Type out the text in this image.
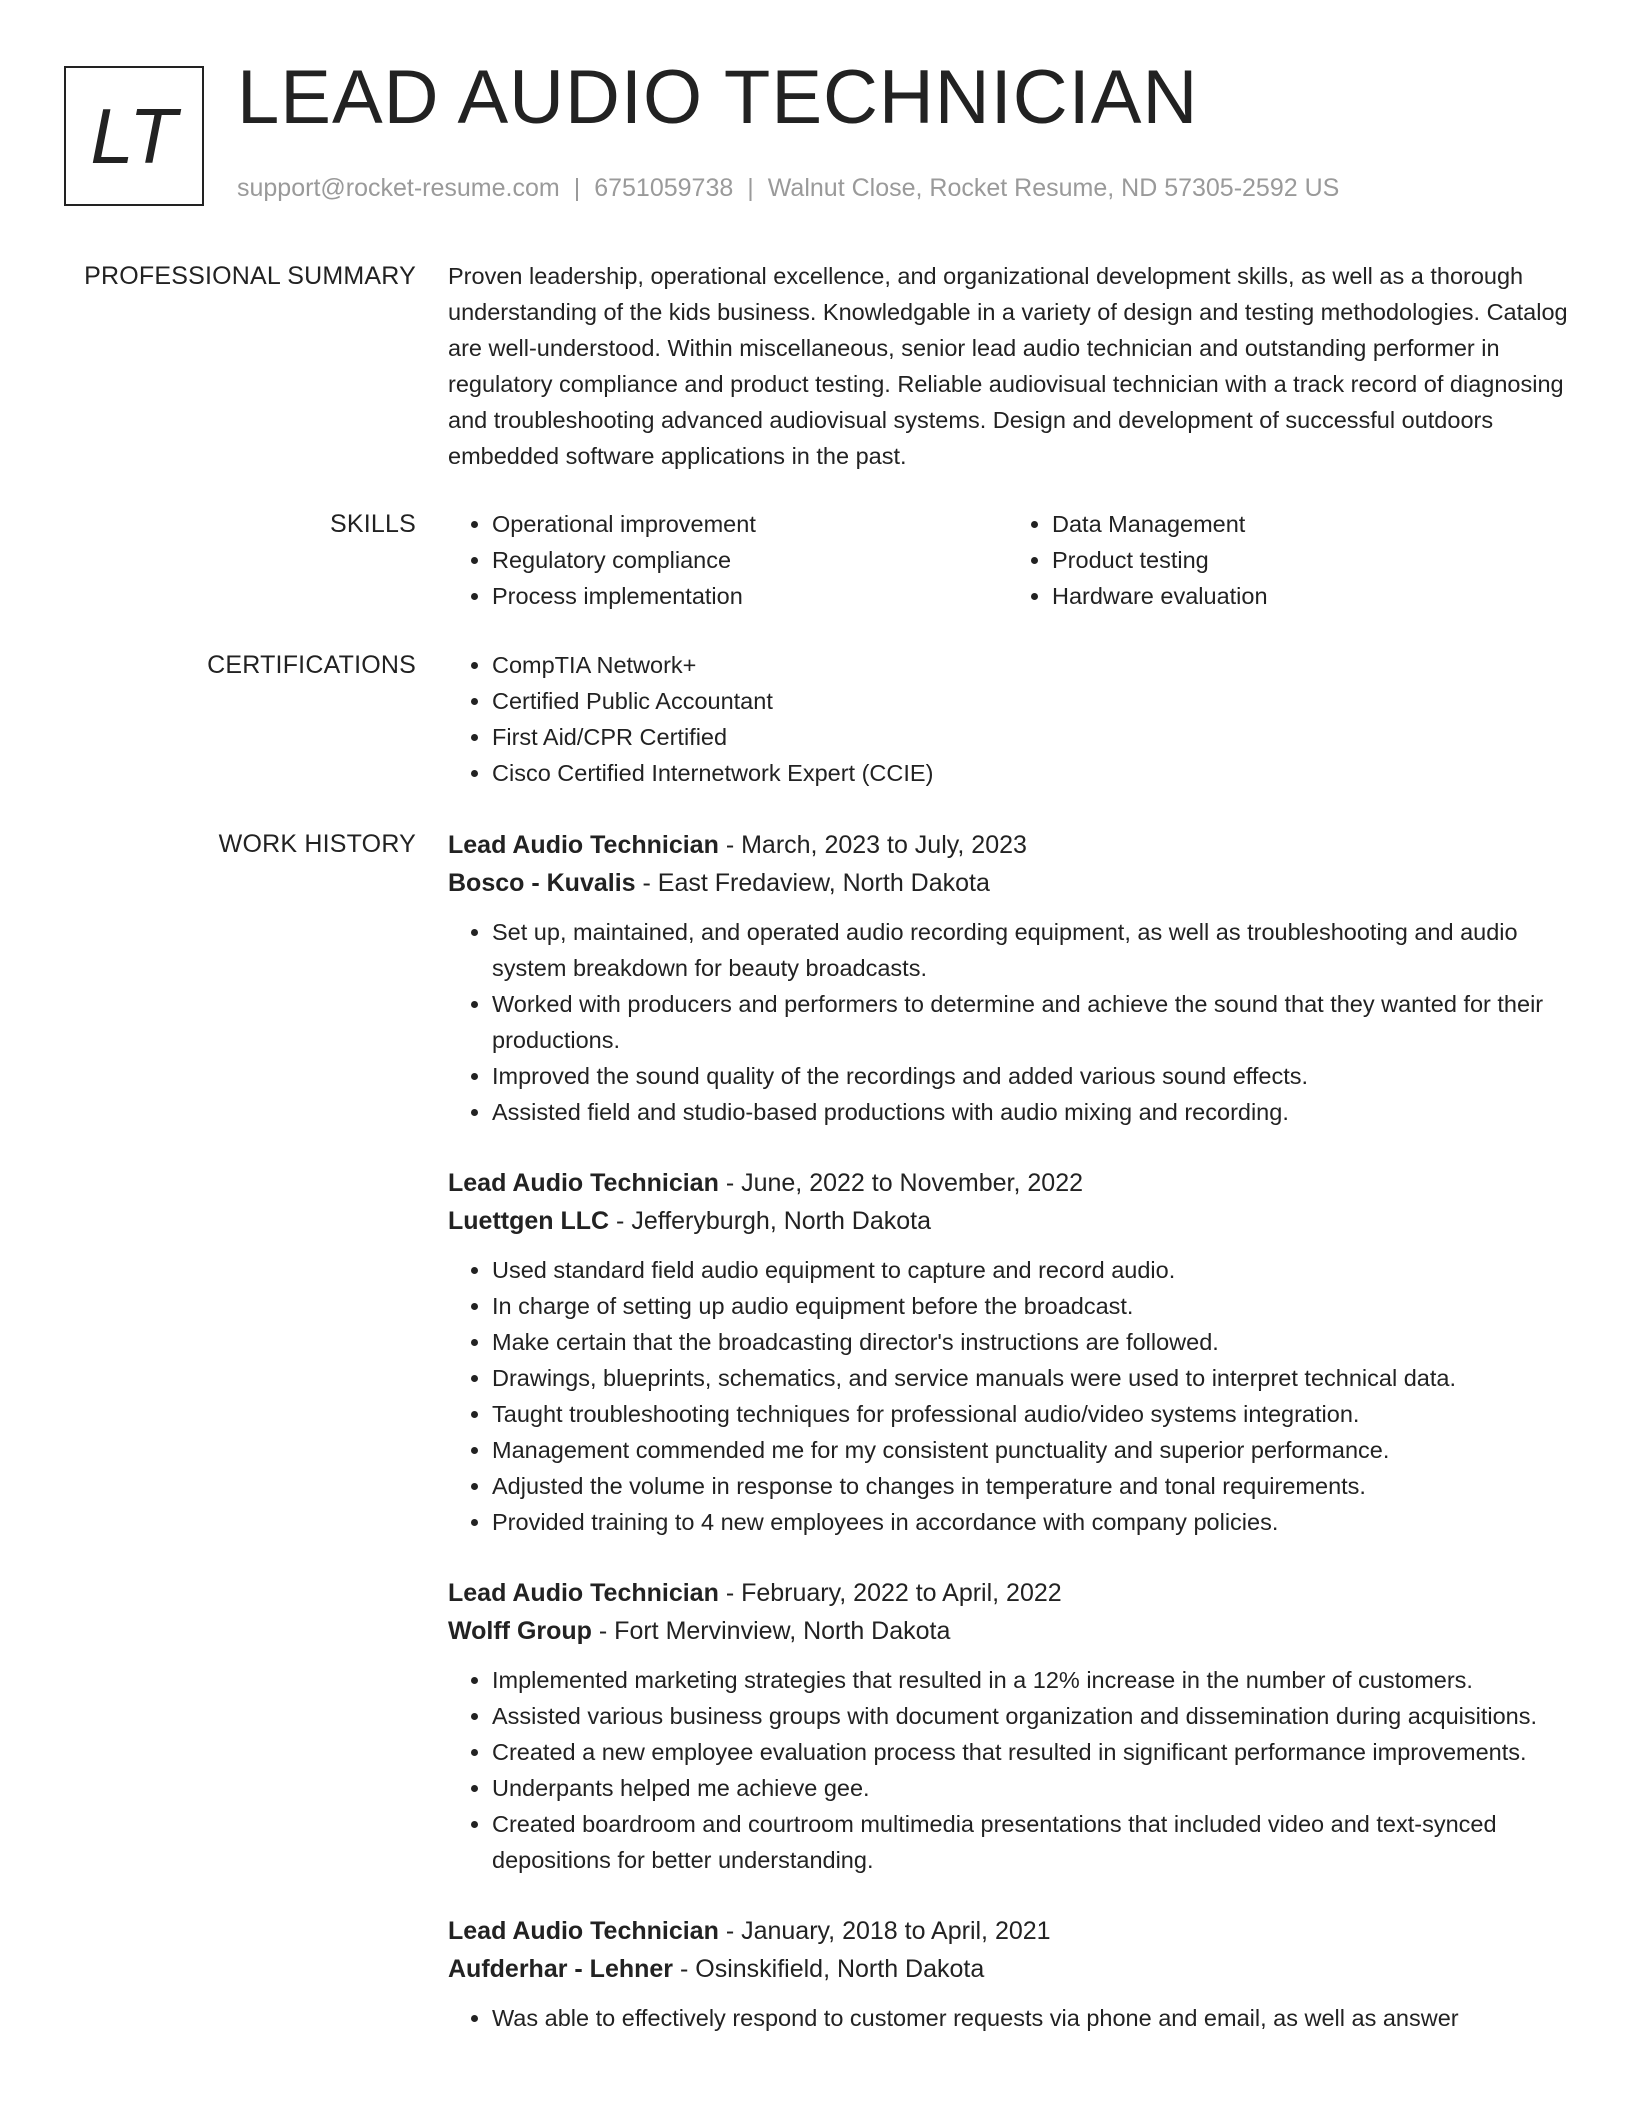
LT LEAD AUDIO TECHNICIAN
support@rocket-resume.com | 6751059738 | Walnut Close, Rocket Resume, ND 57305-2592 US
PROFESSIONAL SUMMARY Proven leadership, operational excellence, and organizational development skills, as well as a thorough understanding of the kids business. Knowledgable in a variety of design and testing methodologies. Catalog are well-understood. Within miscellaneous, senior lead audio technician and outstanding performer in regulatory compliance and product testing. Reliable audiovisual technician with a track record of diagnosing and troubleshooting advanced audiovisual systems. Design and development of successful outdoors embedded software applications in the past.

SKILLS	• Operational improvement
• Regulatory compliance
• Process implementation
• Data Management
• Product testing
• Hardware evaluation
CERTIFICATIONS	• CompTIA Network+
• Certified Public Accountant
• First Aid/CPR Certified
• Cisco Certified Internetwork Expert (CCIE)
WORK HISTORY Lead Audio Technician - March, 2023 to July, 2023
Bosco - Kuvalis - East Fredaview, North Dakota
• Set up, maintained, and operated audio recording equipment, as well as troubleshooting and audio system breakdown for beauty broadcasts.
• Worked with producers and performers to determine and achieve the sound that they wanted for their productions.
• Improved the sound quality of the recordings and added various sound effects.
• Assisted field and studio-based productions with audio mixing and recording.
Lead Audio Technician - June, 2022 to November, 2022
Luettgen LLC - Jefferyburgh, North Dakota
• Used standard field audio equipment to capture and record audio.
• In charge of setting up audio equipment before the broadcast.
• Make certain that the broadcasting director's instructions are followed.
• Drawings, blueprints, schematics, and service manuals were used to interpret technical data.
• Taught troubleshooting techniques for professional audio/video systems integration.
• Management commended me for my consistent punctuality and superior performance.
• Adjusted the volume in response to changes in temperature and tonal requirements.
• Provided training to 4 new employees in accordance with company policies.
Lead Audio Technician - February, 2022 to April, 2022
Wolff Group - Fort Mervinview, North Dakota
• Implemented marketing strategies that resulted in a 12% increase in the number of customers.
• Assisted various business groups with document organization and dissemination during acquisitions.
• Created a new employee evaluation process that resulted in significant performance improvements.
• Underpants helped me achieve gee.
• Created boardroom and courtroom multimedia presentations that included video and text-synced depositions for better understanding.
Lead Audio Technician - January, 2018 to April, 2021
Aufderhar - Lehner - Osinskifield, North Dakota
• Was able to effectively respond to customer requests via phone and email, as well as answer
